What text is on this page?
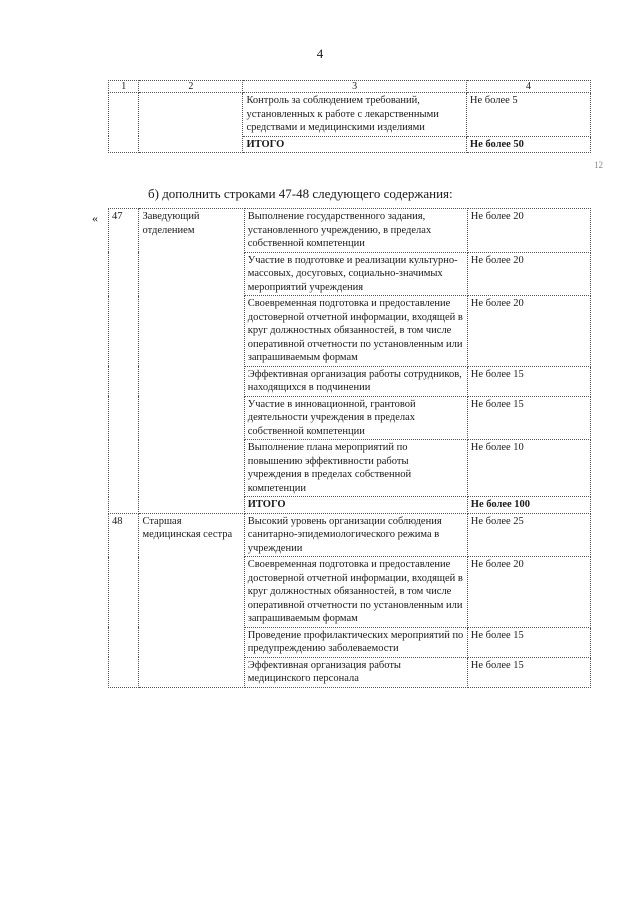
4
1	2	3	4
		Контроль за соблюдением требований, установленных к работе с лекарственными средствами и медицинскими изделиями	Не более 5
		ИТОГО	Не более 50
12
б) дополнить строками 47-48 следующего содержания:
« 47	Заведующий отделением	Выполнение государственного задания, установленного учреждению, в пределах собственной компетенции	Не более 20
		Участие в подготовке и реализации культурно-массовых, досуговых, социально-значимых мероприятий учреждения	Не более 20
		Своевременная подготовка и предоставление достоверной отчетной информации, входящей в круг должностных обязанностей, в том числе оперативной отчетности по установленным или запрашиваемым формам	Не более 20
		Эффективная организация работы сотрудников, находящихся в подчинении	Не более 15
		Участие в инновационной, грантовой деятельности учреждения в пределах собственной компетенции	Не более 15
		Выполнение плана мероприятий по повышению эффективности работы учреждения в пределах собственной компетенции	Не более 10
		ИТОГО	Не более 100
48	Старшая медицинская сестра	Высокий уровень организации соблюдения санитарно-эпидемиологического режима в учреждении	Не более 25
		Своевременная подготовка и предоставление достоверной отчетной информации, входящей в круг должностных обязанностей, в том числе оперативной отчетности по установленным или запрашиваемым формам	Не более 20
		Проведение профилактических мероприятий по предупреждению заболеваемости	Не более 15
		Эффективная организация работы медицинского персонала	Не более 15
